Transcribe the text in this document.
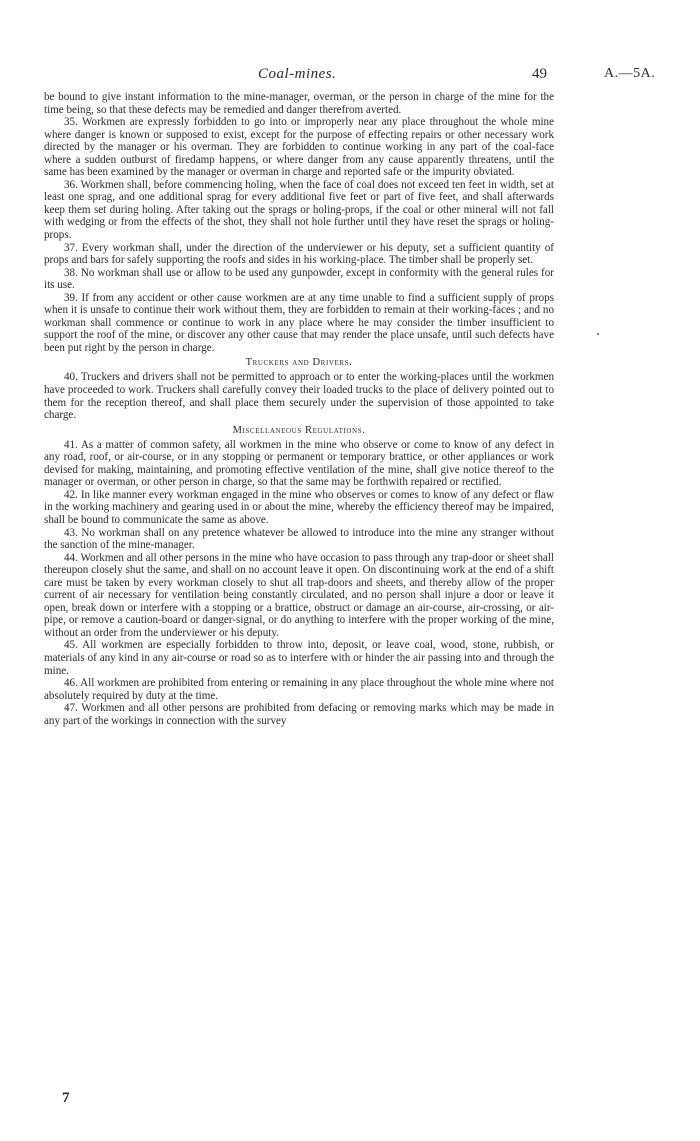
Coal-mines.	49	A.—5A.

be bound to give instant information to the mine-manager, overman, or the person in charge of the mine for the time being, so that these defects may be remedied and danger therefrom averted.

35. Workmen are expressly forbidden to go into or improperly near any place throughout the whole mine where danger is known or supposed to exist, except for the purpose of effecting repairs or other necessary work directed by the manager or his overman. They are forbidden to continue working in any part of the coal-face where a sudden outburst of firedamp happens, or where danger from any cause apparently threatens, until the same has been examined by the manager or overman in charge and reported safe or the impurity obviated.

36. Workmen shall, before commencing holing, when the face of coal does not exceed ten feet in width, set at least one sprag, and one additional sprag for every additional five feet or part of five feet, and shall afterwards keep them set during holing. After taking out the sprags or holing-props, if the coal or other mineral will not fall with wedging or from the effects of the shot, they shall not hole further until they have reset the sprags or holing-props.

37. Every workman shall, under the direction of the underviewer or his deputy, set a sufficient quantity of props and bars for safely supporting the roofs and sides in his working-place. The timber shall be properly set.

38. No workman shall use or allow to be used any gunpowder, except in conformity with the general rules for its use.

39. If from any accident or other cause workmen are at any time unable to find a sufficient supply of props when it is unsafe to continue their work without them, they are forbidden to remain at their working-faces ; and no workman shall commence or continue to work in any place where he may consider the timber insufficient to support the roof of the mine, or discover any other cause that may render the place unsafe, until such defects have been put right by the person in charge.

Truckers and Drivers.

40. Truckers and drivers shall not be permitted to approach or to enter the working-places until the workmen have proceeded to work. Truckers shall carefully convey their loaded trucks to the place of delivery pointed out to them for the reception thereof, and shall place them securely under the supervision of those appointed to take charge.

Miscellaneous Regulations.

41. As a matter of common safety, all workmen in the mine who observe or come to know of any defect in any road, roof, or air-course, or in any stopping or permanent or temporary brattice, or other appliances or work devised for making, maintaining, and promoting effective ventilation of the mine, shall give notice thereof to the manager or overman, or other person in charge, so that the same may be forthwith repaired or rectified.

42. In like manner every workman engaged in the mine who observes or comes to know of any defect or flaw in the working machinery and gearing used in or about the mine, whereby the efficiency thereof may be impaired, shall be bound to communicate the same as above.

43. No workman shall on any pretence whatever be allowed to introduce into the mine any stranger without the sanction of the mine-manager.

44. Workmen and all other persons in the mine who have occasion to pass through any trap-door or sheet shall thereupon closely shut the same, and shall on no account leave it open. On discontinuing work at the end of a shift care must be taken by every workman closely to shut all trap-doors and sheets, and thereby allow of the proper current of air necessary for ventilation being constantly circulated, and no person shall injure a door or leave it open, break down or interfere with a stopping or a brattice, obstruct or damage an air-course, air-crossing, or air-pipe, or remove a caution-board or danger-signal, or do anything to interfere with the proper working of the mine, without an order from the underviewer or his deputy.

45. All workmen are especially forbidden to throw into, deposit, or leave coal, wood, stone, rubbish, or materials of any kind in any air-course or road so as to interfere with or hinder the air passing into and through the mine.

46. All workmen are prohibited from entering or remaining in any place throughout the whole mine where not absolutely required by duty at the time.

47. Workmen and all other persons are prohibited from defacing or removing marks which may be made in any part of the workings in connection with the survey

7
